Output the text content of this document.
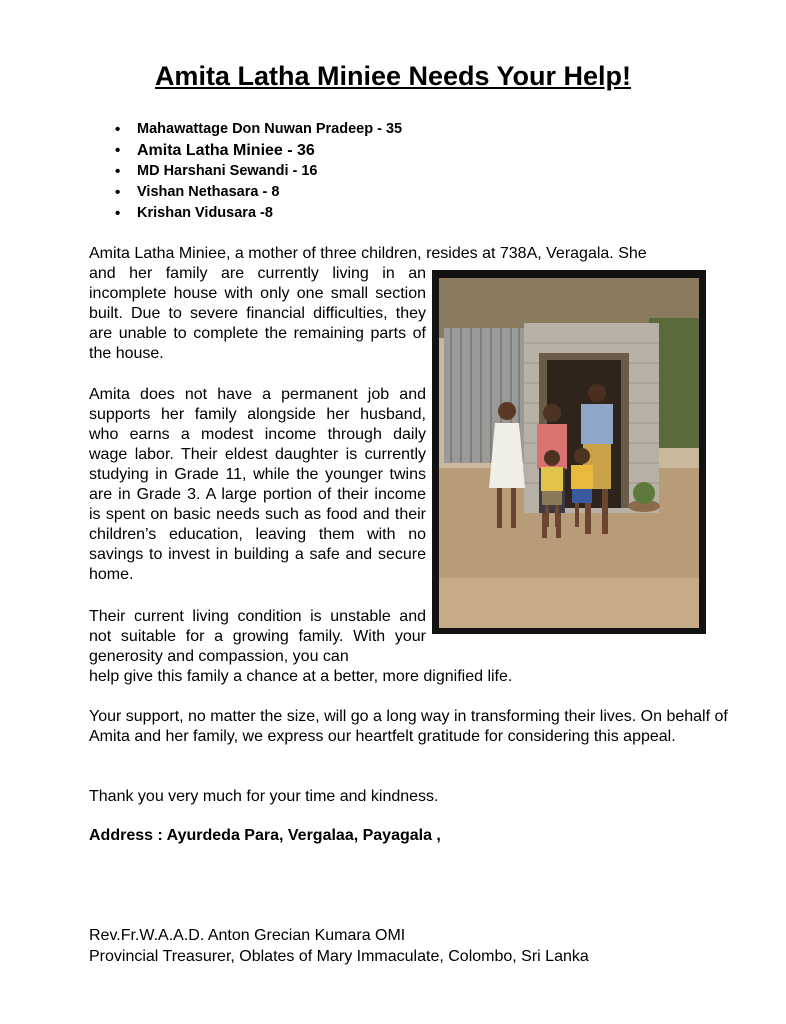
Amita Latha Miniee Needs Your Help!
• Mahawattage Don Nuwan Pradeep - 35
• Amita Latha Miniee - 36
• MD Harshani Sewandi - 16
• Vishan Nethasara - 8
• Krishan Vidusara -8

Amita Latha Miniee, a mother of three children, resides at 738A, Veragala. She

and her family are currently living in an incomplete house with only one small section built. Due to severe financial difficulties, they are unable to complete the remaining parts of the house.

Amita does not have a permanent job and supports her family alongside her husband, who earns a modest income through daily wage labor. Their eldest daughter is currently studying in Grade 11, while the younger twins are in Grade 3. A large portion of their income is spent on basic needs such as food and their children’s education, leaving them with no savings to invest in building a safe and secure home.

Their current living condition is unstable and not suitable for a growing family. With your generosity and compassion, you can

help give this family a chance at a better, more dignified life.

Your support, no matter the size, will go a long way in transforming their lives. On behalf of Amita and her family, we express our heartfelt gratitude for considering this appeal.

Thank you very much for your time and kindness.

Address : Ayurdeda Para, Vergalaa, Payagala ,

Rev.Fr.W.A.A.D. Anton Grecian Kumara OMI
Provincial Treasurer, Oblates of Mary Immaculate, Colombo, Sri Lanka
